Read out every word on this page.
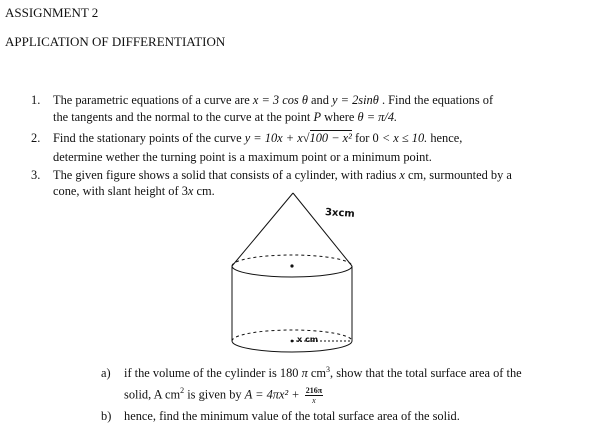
ASSIGNMENT 2
APPLICATION OF DIFFERENTIATION
1.	The parametric equations of a curve are x = 3 cos θ and y = 2sinθ . Find the equations of
the tangents and the normal to the curve at the point P where θ = π/4.
2.	Find the stationary points of the curve y = 10x + x√100 − x² for 0 < x ≤ 10. hence,
determine wether the turning point is a maximum point or a minimum point.
3.	The given figure shows a solid that consists of a cylinder, with radius x cm, surmounted by a
cone, with slant height of 3x cm.
3xcm
x cm
a) if the volume of the cylinder is 180 π $cm^3$, show that the total surface area of the
solid, A $cm^2$ is given by $A = 4\pi x^2 + \frac{216\pi}{x}$
b) hence, find the minimum value of the total surface area of the solid.
